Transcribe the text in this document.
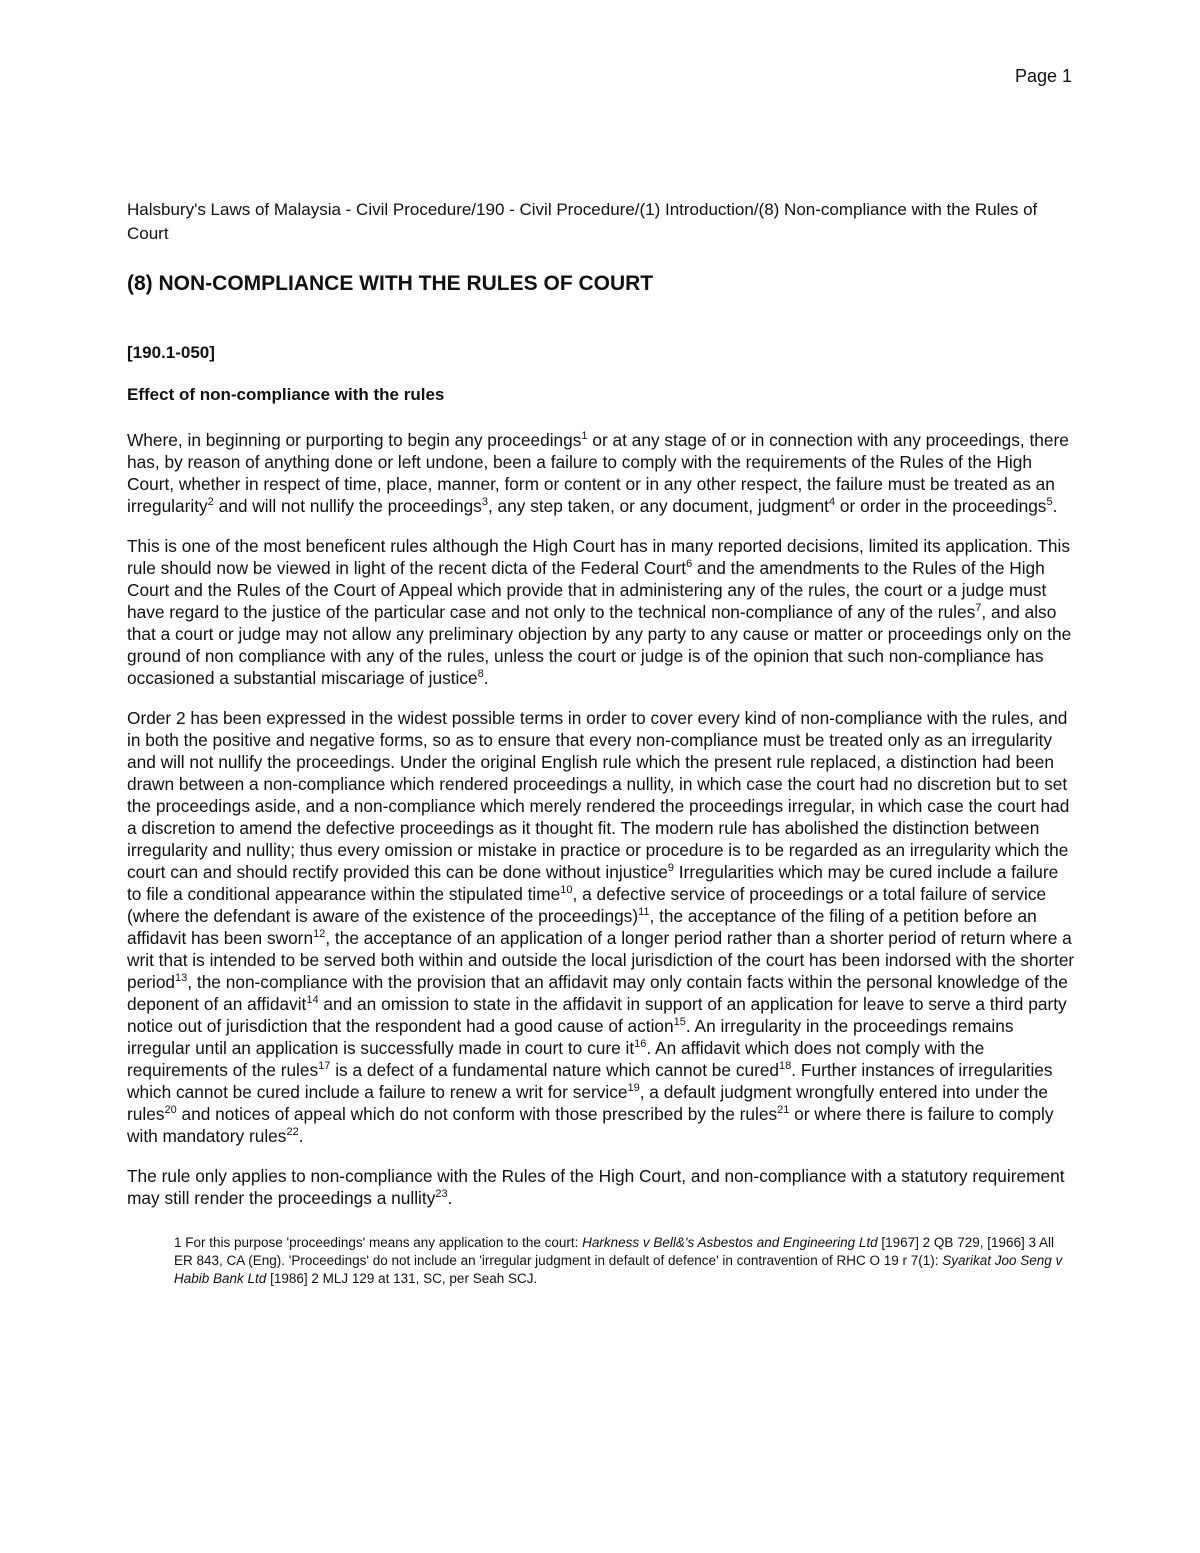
Page 1

Halsbury's Laws of Malaysia - Civil Procedure/190 - Civil Procedure/(1) Introduction/(8) Non-compliance with the Rules of Court

(8) NON-COMPLIANCE WITH THE RULES OF COURT

[190.1-050]

Effect of non-compliance with the rules

Where, in beginning or purporting to begin any proceedings$^1$ or at any stage of or in connection with any proceedings, there has, by reason of anything done or left undone, been a failure to comply with the requirements of the Rules of the High Court, whether in respect of time, place, manner, form or content or in any other respect, the failure must be treated as an irregularity$^2$ and will not nullify the proceedings$^3$, any step taken, or any document, judgment$^4$ or order in the proceedings$^5$.

This is one of the most beneficent rules although the High Court has in many reported decisions, limited its application. This rule should now be viewed in light of the recent dicta of the Federal Court$^6$ and the amendments to the Rules of the High Court and the Rules of the Court of Appeal which provide that in administering any of the rules, the court or a judge must have regard to the justice of the particular case and not only to the technical non-compliance of any of the rules$^7$, and also that a court or judge may not allow any preliminary objection by any party to any cause or matter or proceedings only on the ground of non compliance with any of the rules, unless the court or judge is of the opinion that such non-compliance has occasioned a substantial miscariage of justice$^8$.

Order 2 has been expressed in the widest possible terms in order to cover every kind of non-compliance with the rules, and in both the positive and negative forms, so as to ensure that every non-compliance must be treated only as an irregularity and will not nullify the proceedings. Under the original English rule which the present rule replaced, a distinction had been drawn between a non-compliance which rendered proceedings a nullity, in which case the court had no discretion but to set the proceedings aside, and a non-compliance which merely rendered the proceedings irregular, in which case the court had a discretion to amend the defective proceedings as it thought fit. The modern rule has abolished the distinction between irregularity and nullity; thus every omission or mistake in practice or procedure is to be regarded as an irregularity which the court can and should rectify provided this can be done without injustice$^9$ Irregularities which may be cured include a failure to file a conditional appearance within the stipulated time$^{10}$, a defective service of proceedings or a total failure of service (where the defendant is aware of the existence of the proceedings)$^{11}$, the acceptance of the filing of a petition before an affidavit has been sworn$^{12}$, the acceptance of an application of a longer period rather than a shorter period of return where a writ that is intended to be served both within and outside the local jurisdiction of the court has been indorsed with the shorter period$^{13}$, the non-compliance with the provision that an affidavit may only contain facts within the personal knowledge of the deponent of an affidavit$^{14}$ and an omission to state in the affidavit in support of an application for leave to serve a third party notice out of jurisdiction that the respondent had a good cause of action$^{15}$. An irregularity in the proceedings remains irregular until an application is successfully made in court to cure $it^{16}$. An affidavit which does not comply with the requirements of the rules$^{17}$ is a defect of a fundamental nature which cannot be cured$^{18}$. Further instances of irregularities which cannot be cured include a failure to renew a writ for service$^{19}$, a default judgment wrongfully entered into under the rules$^{20}$ and notices of appeal which do not conform with those prescribed by the rules$^{21}$ or where there is failure to comply with mandatory rules$^{22}$.

The rule only applies to non-compliance with the Rules of the High Court, and non-compliance with a statutory requirement may still render the proceedings a nullity$^{23}$.

1 For this purpose 'proceedings' means any application to the court: Harkness v Bell&'s Asbestos and Engineering Ltd [1967] 2 QB 729, [1966] 3 All ER 843, CA (Eng). 'Proceedings' do not include an 'irregular judgment in default of defence' in contravention of RHC O 19 r 7(1): Syarikat Joo Seng v Habib Bank Ltd [1986] 2 MLJ 129 at 131, SC, per Seah SCJ.
